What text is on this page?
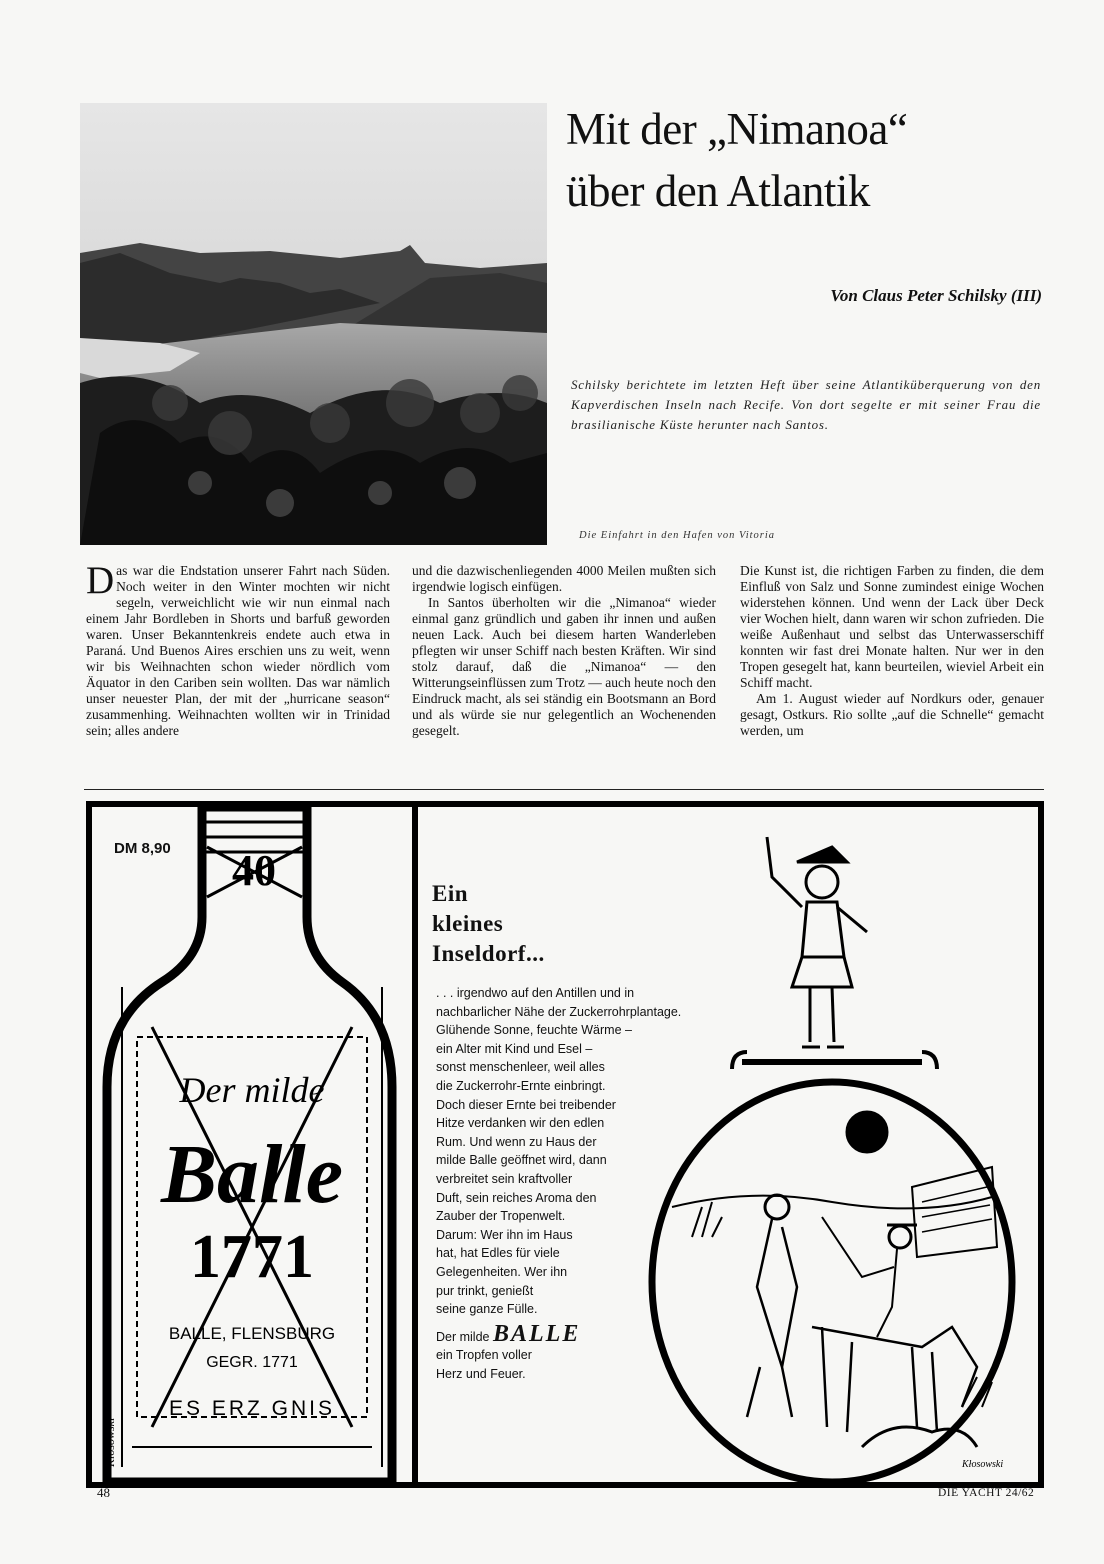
Mit der „Nimanoa“
über den Atlantik
Von Claus Peter Schilsky (III)
Schilsky berichtete im letzten Heft über seine Atlantiküberquerung von den Kapverdischen Inseln nach Recife. Von dort segelte er mit seiner Frau die brasilianische Küste herunter nach Santos.
Die Einfahrt in den Hafen von Vitoria

Das war die Endstation unserer Fahrt nach Süden. Noch weiter in den Winter mochten wir nicht segeln, verweichlicht wie wir nun einmal nach einem Jahr Bordleben in Shorts und barfuß geworden waren. Unser Bekanntenkreis endete auch etwa in Paraná. Und Buenos Aires erschien uns zu weit, wenn wir bis Weihnachten schon wieder nördlich vom Äquator in den Cariben sein wollten. Das war nämlich unser neuester Plan, der mit der „hurricane season“ zusammenhing. Weihnachten wollten wir in Trinidad sein; alles andere

und die dazwischenliegenden 4000 Meilen mußten sich irgendwie logisch einfügen.

In Santos überholten wir die „Nimanoa“ wieder einmal ganz gründlich und gaben ihr innen und außen neuen Lack. Auch bei diesem harten Wanderleben pflegten wir unser Schiff nach besten Kräften. Wir sind stolz darauf, daß die „Nimanoa“ — den Witterungseinflüssen zum Trotz — auch heute noch den Eindruck macht, als sei ständig ein Bootsmann an Bord und als würde sie nur gelegentlich an Wochenenden gesegelt.

Die Kunst ist, die richtigen Farben zu finden, die dem Einfluß von Salz und Sonne zumindest einige Wochen widerstehen können. Und wenn der Lack über Deck vier Wochen hielt, dann waren wir schon zufrieden. Die weiße Außenhaut und selbst das Unterwasserschiff konnten wir fast drei Monate halten. Nur wer in den Tropen gesegelt hat, kann beurteilen, wieviel Arbeit ein Schiff macht.

Am 1. August wieder auf Nordkurs oder, genauer gesagt, Ostkurs. Rio sollte „auf die Schnelle“ gemacht werden, um

40
Der milde
Balle
1771
BALLE, FLENSBURG
GEGR. 1771
ES ERZ GNIS
Kłosowski
DM 8,90
Ein
kleines
Inseldorf...
. . . irgendwo auf den Antillen und in
nachbarlicher Nähe der Zuckerrohrplantage.
Glühende Sonne, feuchte Wärme –
ein Alter mit Kind und Esel –
sonst menschenleer, weil alles
die Zuckerrohr-Ernte einbringt.
Doch dieser Ernte bei treibender
Hitze verdanken wir den edlen
Rum. Und wenn zu Haus der
milde Balle geöffnet wird, dann
verbreitet sein kraftvoller
Duft, sein reiches Aroma den
Zauber der Tropenwelt.
Darum: Wer ihn im Haus
hat, hat Edles für viele
Gelegenheiten. Wer ihn
pur trinkt, genießt
seine ganze Fülle.
Der milde BALLE
ein Tropfen voller
Herz und Feuer.
Kłosowski
48	DIE YACHT 24/62
